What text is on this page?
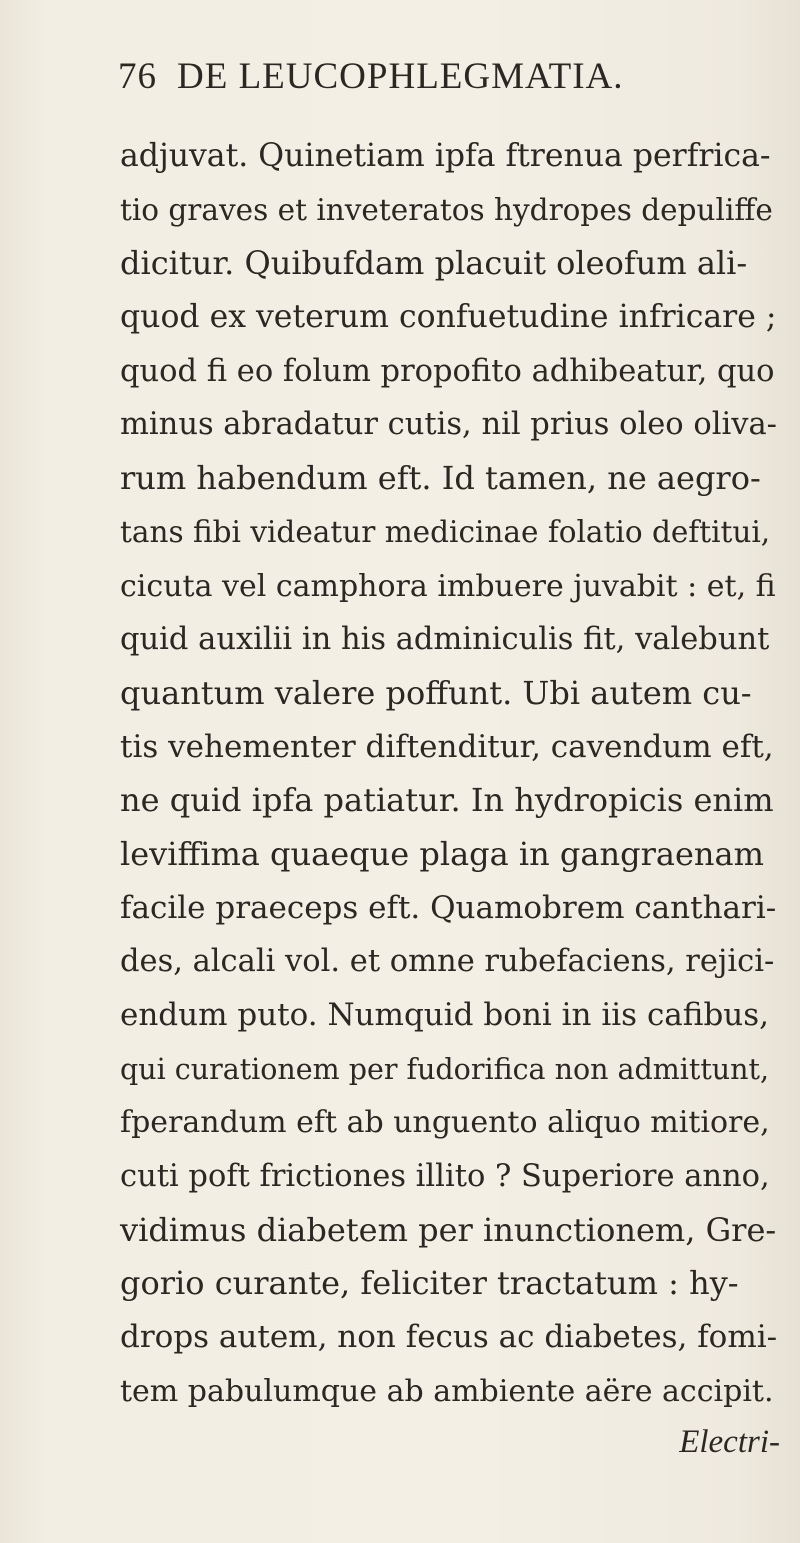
76 DE LEUCOPHLEGMATIA.
adjuvat. Quinetiam ipfa ftrenua perfrica-
tio graves et inveteratos hydropes depuliffe
dicitur. Quibufdam placuit oleofum ali-
quod ex veterum confuetudine infricare ;
quod fi eo folum propofito adhibeatur, quo
minus abradatur cutis, nil prius oleo oliva-
rum habendum eft. Id tamen, ne aegro-
tans fibi videatur medicinae folatio deftitui,
cicuta vel camphora imbuere juvabit : et, fi
quid auxilii in his adminiculis fit, valebunt
quantum valere poffunt. Ubi autem cu-
tis vehementer diftenditur, cavendum eft,
ne quid ipfa patiatur. In hydropicis enim
leviffima quaeque plaga in gangraenam
facile praeceps eft. Quamobrem canthari-
des, alcali vol. et omne rubefaciens, rejici-
endum puto. Numquid boni in iis cafibus,
qui curationem per fudorifica non admittunt,
fperandum eft ab unguento aliquo mitiore,
cuti poft frictiones illito ? Superiore anno,
vidimus diabetem per inunctionem, Gre-
gorio curante, feliciter tractatum : hy-
drops autem, non fecus ac diabetes, fomi-
tem pabulumque ab ambiente aëre accipit.
Electri-
